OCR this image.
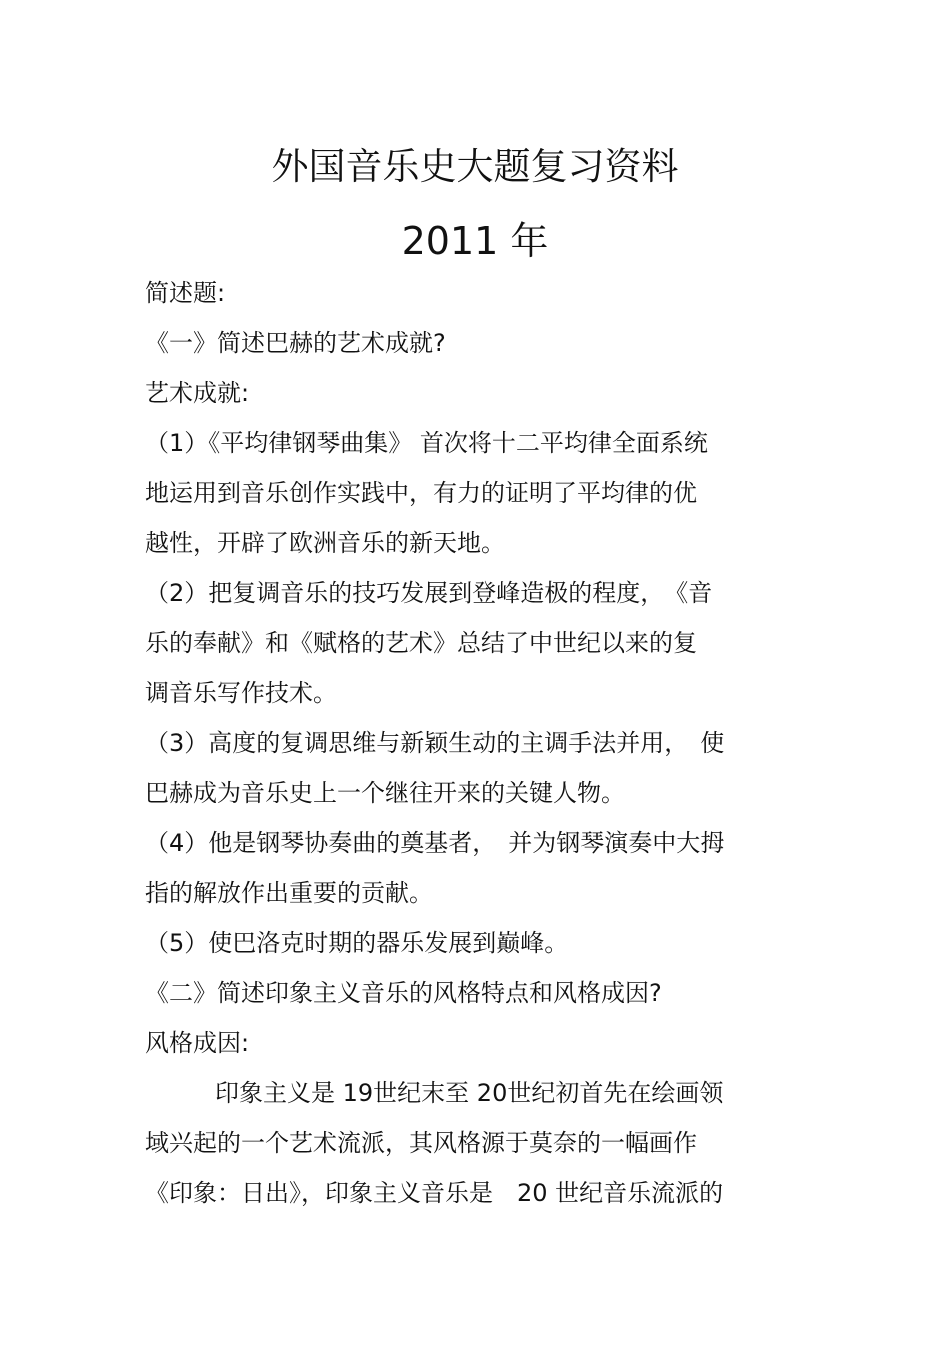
外国音乐史大题复习资料
2011 年

简述题:

《一》简述巴赫的艺术成就?

艺术成就:

（1）《平均律钢琴曲集》 首次将十二平均律全面系统

地运用到音乐创作实践中，有力的证明了平均律的优

越性，开辟了欧洲音乐的新天地。

（2）把复调音乐的技巧发展到登峰造极的程度，　《音

乐的奉献》和《赋格的艺术》总结了中世纪以来的复

调音乐写作技术。

（3）高度的复调思维与新颖生动的主调手法并用，　使

巴赫成为音乐史上一个继往开来的关键人物。

（4）他是钢琴协奏曲的奠基者，　并为钢琴演奏中大拇

指的解放作出重要的贡献。

（5）使巴洛克时期的器乐发展到巅峰。

《二》简述印象主义音乐的风格特点和风格成因?

风格成因:

印象主义是 19世纪末至 20世纪初首先在绘画领

域兴起的一个艺术流派，其风格源于莫奈的一幅画作

《印象：日出》，印象主义音乐是　20 世纪音乐流派的
